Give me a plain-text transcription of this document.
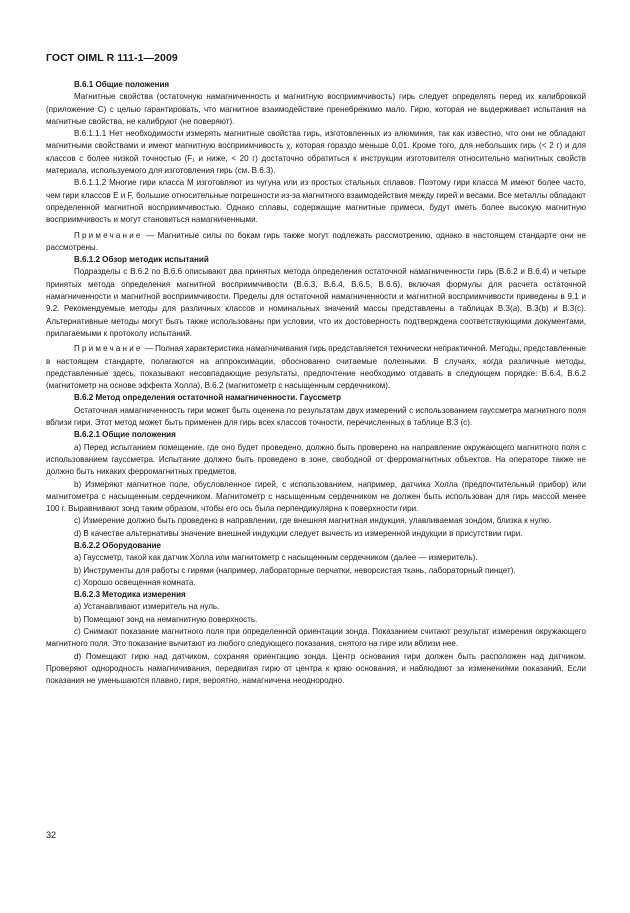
ГОСТ OIML R 111-1—2009
В.6.1 Общие положения

Магнитные свойства (остаточную намагниченность и магнитную восприимчивость) гирь следует определять перед их калибровкой (приложение С) с целью гарантировать, что магнитное взаимодействие пренебрежимо мало. Гирю, которая не выдерживает испытания на магнитные свойства, не калибруют (не поверяют).

В.6.1.1.1 Нет необходимости измерять магнитные свойства гирь, изготовленных из алюминия, так как известно, что они не обладают магнитными свойствами и имеют магнитную восприимчивость χ, которая гораздо меньше 0,01. Кроме того, для небольших гирь (< 2 г) и для классов с более низкой точностью (F₁ и ниже, < 20 г) достаточно обратиться к инструкции изготовителя относительно магнитных свойств материала, используемого для изготовления гирь (см. В.6.3).

В.6.1.1.2 Многие гири класса М изготовляют из чугуна или из простых стальных сплавов. Поэтому гири класса М имеют более часто, чем гири классов Е и F, большие относительные погрешности из-за магнитного взаимодействия между гирей и весами. Все металлы обладают определенной магнитной восприимчивостью. Однако сплавы, содержащие магнитные примеси, будут иметь более высокую магнитную восприимчивость и могут становиться намагниченными.

Примечание — Магнитные силы по бокам гирь также могут подлежать рассмотрению, однако в настоящем стандарте они не рассмотрены.

В.6.1.2 Обзор методик испытаний

Подразделы с В.6.2 по В.6.6 описывают два принятых метода определения остаточной намагниченности гирь (В.6.2 и В.6.4) и четыре принятых метода определения магнитной восприимчивости (В.6.3, В.6.4, В.6.5, В.6.6), включая формулы для расчета остаточной намагниченности и магнитной восприимчивости. Пределы для остаточной намагниченности и магнитной восприимчивости приведены в 9.1 и 9.2. Рекомендуемые методы для различных классов и номинальных значений массы представлены в таблицах В.3(а), В.3(b) и В.3(с). Альтернативные методы могут быть также использованы при условии, что их достоверность подтверждена соответствующими документами, прилагаемыми к протоколу испытаний.

Примечание — Полная характеристика намагничивания гирь представляется технически непрактичной. Методы, представленные в настоящем стандарте, полагаются на аппроксимации, обоснованно считаемые полезными. В случаях, когда различные методы, представленные здесь, показывают несовпадающие результаты, предпочтение необходимо отдавать в следующем порядке: В.6.4, В.6.2 (магнитометр на основе эффекта Холла), В.6.2 (магнитометр с насыщенным сердечником).

В.6.2 Метод определения остаточной намагниченности. Гауссметр

Остаточная намагниченность гири может быть оценена по результатам двух измерений с использованием гауссметра магнитного поля вблизи гири. Этот метод может быть применен для гирь всех классов точности, перечисленных в таблице В.3 (с).

В.6.2.1 Общие положения

а) Перед испытанием помещение, где оно будет проведено, должно быть проверено на направление окружающего магнитного поля с использованием гауссметра. Испытание должно быть проведено в зоне, свободной от ферромагнитных объектов. На операторе также не должно быть никаких ферромагнитных предметов.

b) Измеряют магнитное поле, обусловленное гирей, с использованием, например, датчика Холла (предпочтительный прибор) или магнитометра с насыщенным сердечником. Магнитометр с насыщенным сердечником не должен быть использован для гирь массой менее 100 г. Выравнивают зонд таким образом, чтобы его ось была перпендикулярна к поверхности гири.

с) Измерение должно быть проведено в направлении, где внешняя магнитная индукция, улавливаемая зондом, близка к нулю.

d) В качестве альтернативы значение внешней индукции следует вычесть из измеренной индукции в присутствии гири.

В.6.2.2 Оборудование

а) Гауссметр, такой как датчик Холла или магнитометр с насыщенным сердечником (далее — измеритель).

b) Инструменты для работы с гирями (например, лабораторные перчатки, неворсистая ткань, лабораторный пинцет).

с) Хорошо освещенная комната.

В.6.2.3 Методика измерения

а) Устанавливают измеритель на нуль.

b) Помещают зонд на немагнитную поверхность.

с) Снимают показание магнитного поля при определенной ориентации зонда. Показанием считают результат измерения окружающего магнитного поля. Это показание вычитают из любого следующего показания, снятого на гире или вблизи нее.

d) Помещают гирю над датчиком, сохраняя ориентацию зонда. Центр основания гири должен быть расположен над датчиком. Проверяют однородность намагничивания, передвигая гирю от центра к краю основания, и наблюдают за изменениями показаний. Если показания не уменьшаются плавно, гиря, вероятно, намагничена неоднородно.

32
